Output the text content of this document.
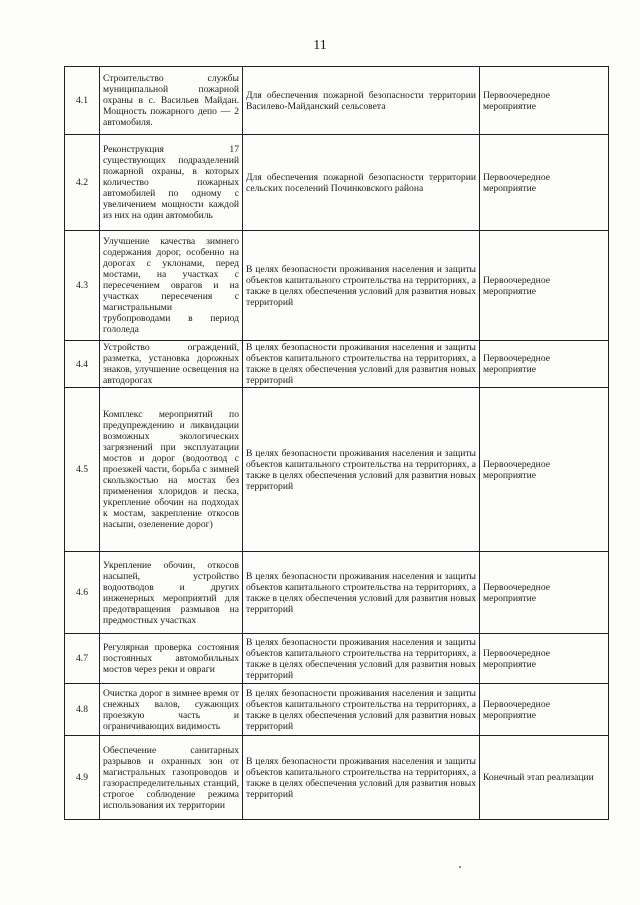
11
4.1	Строительство службы муниципальной пожарной охраны в с. Васильев Майдан. Мощность пожарного депо — 2 автомобиля.	Для обеспечения пожарной безопасности территории Василево-Майданский сельсовета	Первоочередное мероприятие
4.2	Реконструкция 17 существующих подразделений пожарной охраны, в которых количество пожарных автомобилей по одному с увеличением мощности каждой из них на один автомобиль	Для обеспечения пожарной безопасности территории сельских поселений Починковского района	Первоочередное мероприятие
4.3	Улучшение качества зимнего содержания дорог, особенно на дорогах с уклонами, перед мостами, на участках с пересечением оврагов и на участках пересечения с магистральными трубопроводами в период гололеда	В целях безопасности проживания населения и защиты объектов капитального строительства на территориях, а также в целях обеспечения условий для развития новых территорий	Первоочередное мероприятие
4.4	Устройство ограждений, разметка, установка дорожных знаков, улучшение освещения на автодорогах	В целях безопасности проживания населения и защиты объектов капитального строительства на территориях, а также в целях обеспечения условий для развития новых территорий	Первоочередное мероприятие
4.5	Комплекс мероприятий по предупреждению и ликвидации возможных экологических загрязнений при эксплуатации мостов и дорог (водоотвод с проезжей части, борьба с зимней скользкостью на мостах без применения хлоридов и песка, укрепление обочин на подходах к мостам, закрепление откосов насыпи, озеленение дорог)	В целях безопасности проживания населения и защиты объектов капитального строительства на территориях, а также в целях обеспечения условий для развития новых территорий	Первоочередное мероприятие
4.6	Укрепление обочин, откосов насыпей, устройство водоотводов и других инженерных мероприятий для предотвращения размывов на предмостных участках	В целях безопасности проживания населения и защиты объектов капитального строительства на территориях, а также в целях обеспечения условий для развития новых территорий	Первоочередное мероприятие
4.7	Регулярная проверка состояния постоянных автомобильных мостов через реки и овраги	В целях безопасности проживания населения и защиты объектов капитального строительства на территориях, а также в целях обеспечения условий для развития новых территорий	Первоочередное мероприятие
4.8	Очистка дорог в зимнее время от снежных валов, сужающих проезжую часть и ограничивающих видимость	В целях безопасности проживания населения и защиты объектов капитального строительства на территориях, а также в целях обеспечения условий для развития новых территорий	Первоочередное мероприятие
4.9	Обеспечение санитарных разрывов и охранных зон от магистральных газопроводов и газораспределительных станций, строгое соблюдение режима использования их территории	В целях безопасности проживания населения и защиты объектов капитального строительства на территориях, а также в целях обеспечения условий для развития новых территорий	Конечный этап реализации
